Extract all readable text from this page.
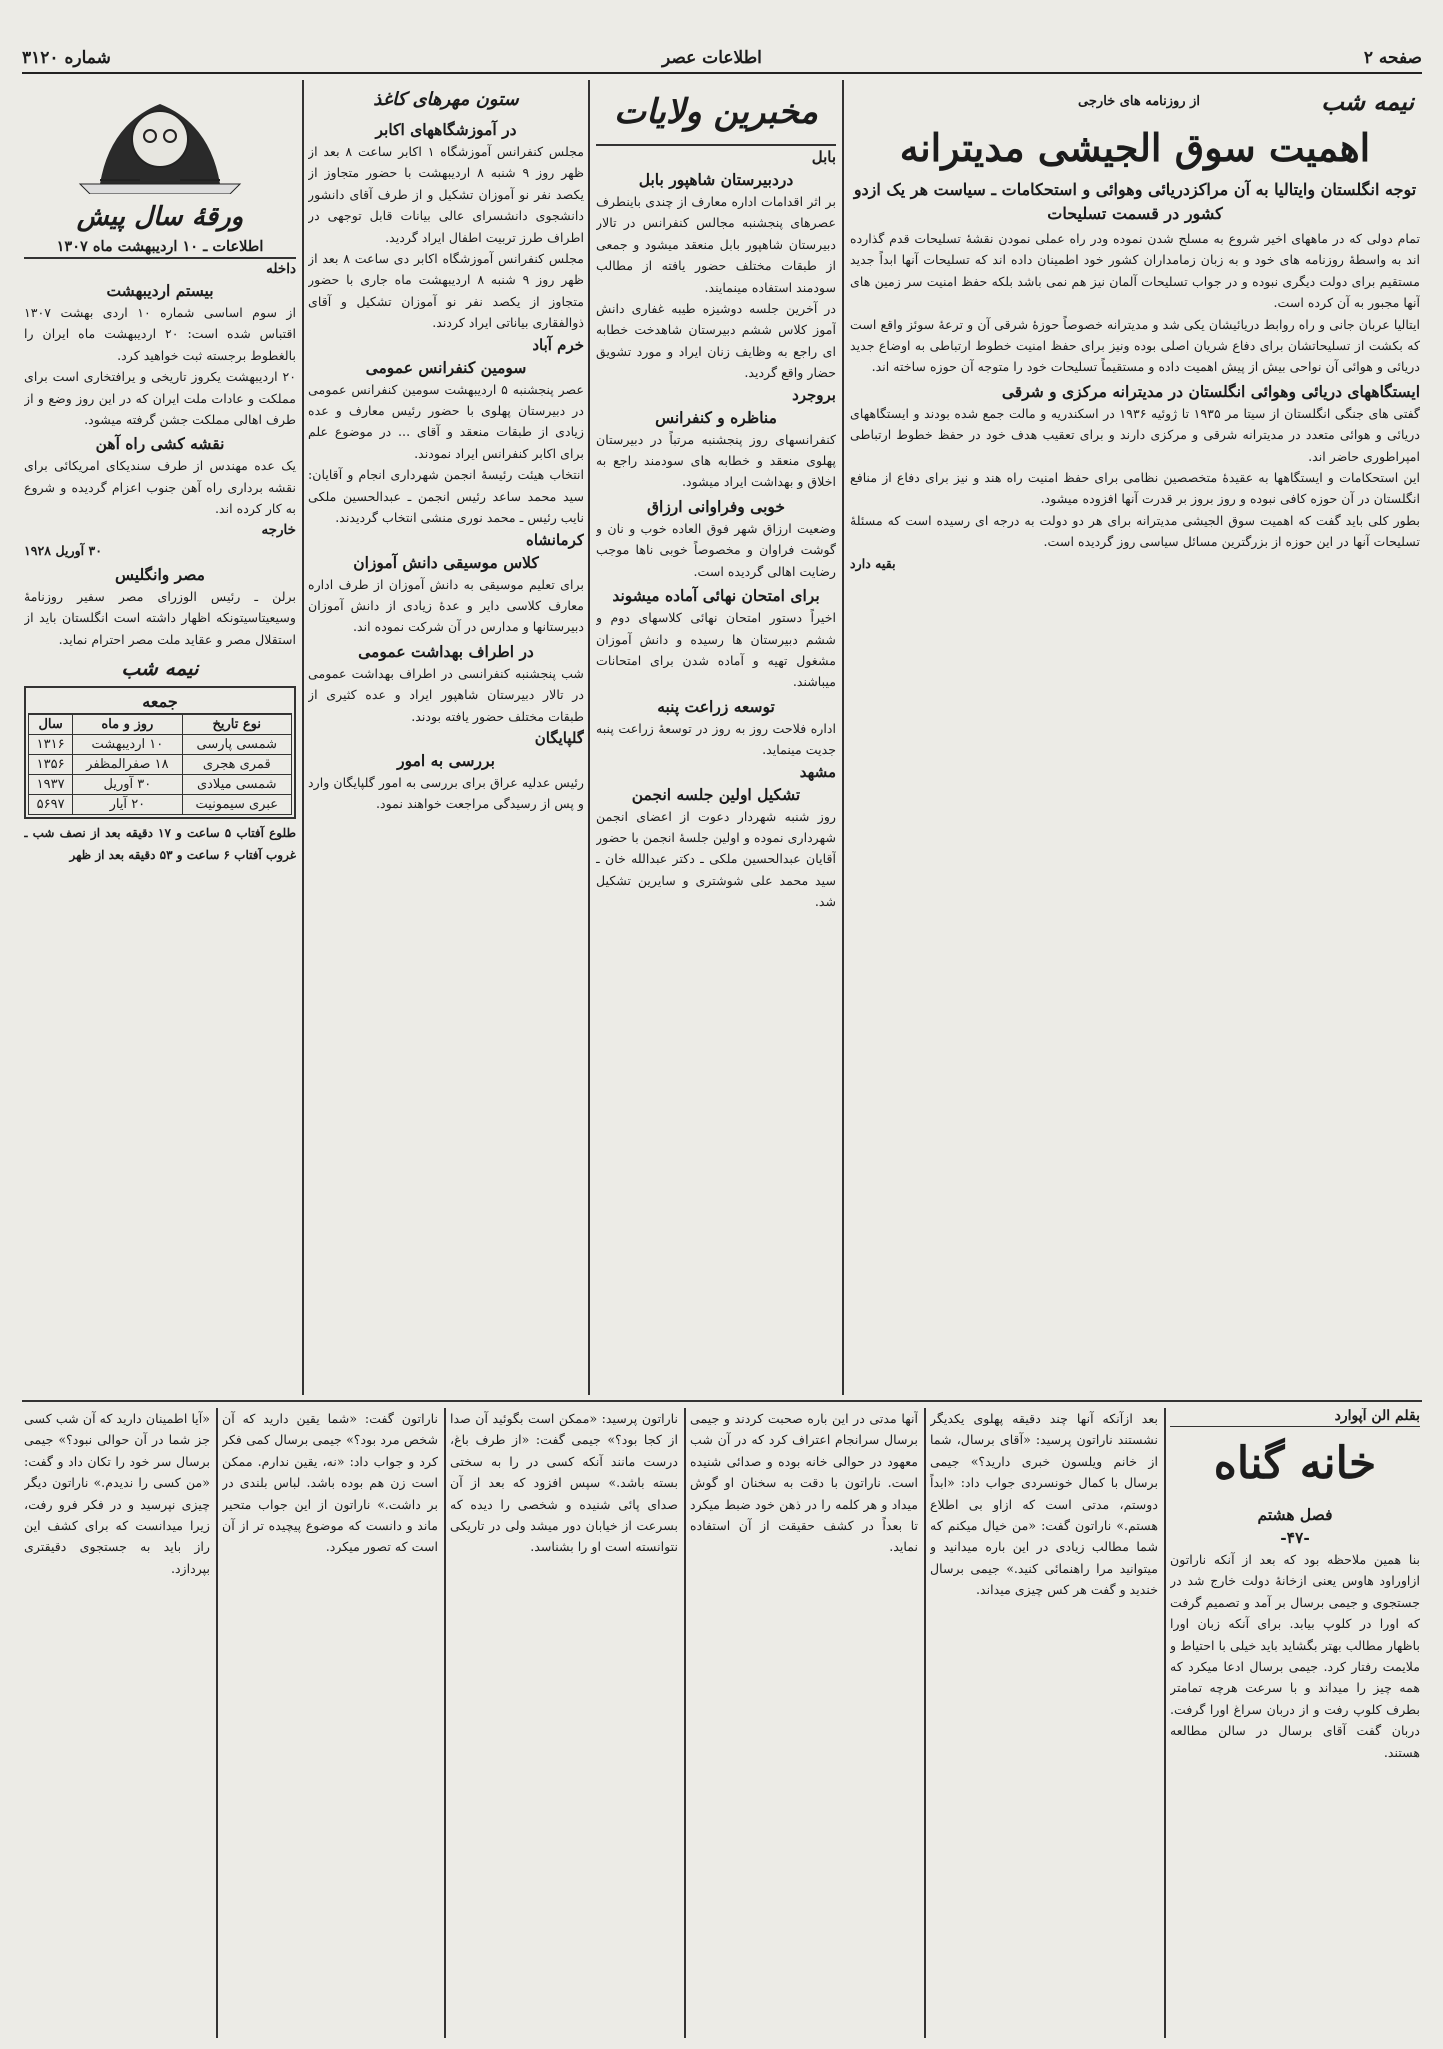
صفحه ۲
اطلاعات عصر
شماره ۳۱۲۰
نیمه شب
از روزنامه های خارجی
اهمیت سوق الجیشی مدیترانه

توجه انگلستان وایتالیا به آن مراکزدریائی وهوائی و استحکامات ـ سیاست هر یک ازدو کشور در قسمت تسلیحات

تمام دولی که در ماههای اخیر شروع به مسلح شدن نموده ودر راه عملی نمودن نقشهٔ تسلیحات قدم گذارده اند به واسطهٔ روزنامه های خود و به زبان زمامداران کشور خود اطمینان داده اند که تسلیحات آنها ابداً جدید مستقیم برای دولت دیگری نبوده و در جواب تسلیحات آلمان نیز هم نمی باشد بلکه حفظ امنیت سر زمین های آنها مجبور به آن کرده است.

ایتالیا عربان جانی و راه روابط دریائیشان یکی شد و مدیترانه خصوصاً حوزهٔ شرقی آن و ترعهٔ سوئز واقع است که بکشت از تسلیحاتشان برای دفاع شریان اصلی بوده ونیز برای حفظ امنیت خطوط ارتباطی به اوضاع جدید دریائی و هوائی آن نواحی بیش از پیش اهمیت داده و مستقیماً تسلیحات خود را متوجه آن حوزه ساخته اند.

ایستگاههای دریائی وهوائی انگلستان در مدیترانه مرکزی و شرقی

گفتی های جنگی انگلستان از سیتا مر ۱۹۳۵ تا ژوئیه ۱۹۳۶ در اسکندریه و مالت جمع شده بودند و ایستگاههای دریائی و هوائی متعدد در مدیترانه شرقی و مرکزی دارند و برای تعقیب هدف خود در حفظ خطوط ارتباطی امپراطوری حاضر اند.

این استحکامات و ایستگاهها به عقیدهٔ متخصصین نظامی برای حفظ امنیت راه هند و نیز برای دفاع از منافع انگلستان در آن حوزه کافی نبوده و روز بروز بر قدرت آنها افزوده میشود.

بطور کلی باید گفت که اهمیت سوق الجیشی مدیترانه برای هر دو دولت به درجه ای رسیده است که مسئلهٔ تسلیحات آنها در این حوزه از بزرگترین مسائل سیاسی روز گردیده است.

بقیه دارد

مخبرین ولایات

بابل

دردبیرستان شاهپور بابل

بر اثر اقدامات اداره معارف از چندی باینطرف عصرهای پنجشنبه مجالس کنفرانس در تالار دبیرستان شاهپور بابل منعقد میشود و جمعی از طبقات مختلف حضور یافته از مطالب سودمند استفاده مینمایند.

در آخرین جلسه دوشیزه طیبه غفاری دانش آموز کلاس ششم دبیرستان شاهدخت خطابه ای راجع به وظایف زنان ایراد و مورد تشویق حضار واقع گردید.

بروجرد

مناظره و کنفرانس

کنفرانسهای روز پنجشنبه مرتباً در دبیرستان پهلوی منعقد و خطابه های سودمند راجع به اخلاق و بهداشت ایراد میشود.

خوبی وفراوانی ارزاق

وضعیت ارزاق شهر فوق العاده خوب و نان و گوشت فراوان و مخصوصاً خوبی ناها موجب رضایت اهالی گردیده است.

برای امتحان نهائی آماده میشوند

اخیراً دستور امتحان نهائی کلاسهای دوم و ششم دبیرستان ها رسیده و دانش آموزان مشغول تهیه و آماده شدن برای امتحانات میباشند.

توسعه زراعت پنبه

اداره فلاحت روز به روز در توسعهٔ زراعت پنبه جدیت مینماید.

مشهد

تشکیل اولین جلسه انجمن

روز شنبه شهردار دعوت از اعضای انجمن شهرداری نموده و اولین جلسهٔ انجمن با حضور آقایان عبدالحسین ملکی ـ دکتر عبدالله خان ـ سید محمد علی شوشتری و سایرین تشکیل شد.

ستون مهرهای کاغذ

در آموزشگاههای اکابر

مجلس کنفرانس آموزشگاه ۱ اکابر ساعت ۸ بعد از ظهر روز ۹ شنبه ۸ اردیبهشت با حضور متجاوز از یکصد نفر نو آموزان تشکیل و از طرف آقای دانشور دانشجوی دانشسرای عالی بیانات قابل توجهی در اطراف طرز تربیت اطفال ایراد گردید.

مجلس کنفرانس آموزشگاه اکابر دی ساعت ۸ بعد از ظهر روز ۹ شنبه ۸ اردیبهشت ماه جاری با حضور متجاوز از یکصد نفر نو آموزان تشکیل و آقای ذوالفقاری بیاناتی ایراد کردند.

خرم آباد

سومین کنفرانس عمومی

عصر پنجشنبه ۵ اردیبهشت سومین کنفرانس عمومی در دبیرستان پهلوی با حضور رئیس معارف و عده زیادی از طبقات منعقد و آقای ... در موضوع علم برای اکابر کنفرانس ایراد نمودند.

انتخاب هیئت رئیسهٔ انجمن شهرداری انجام و آقایان: سید محمد ساعد رئیس انجمن ـ عبدالحسین ملکی نایب رئیس ـ محمد نوری منشی انتخاب گردیدند.

کرمانشاه

کلاس موسیقی دانش آموزان

برای تعلیم موسیقی به دانش آموزان از طرف اداره معارف کلاسی دایر و عدهٔ زیادی از دانش آموزان دبیرستانها و مدارس در آن شرکت نموده اند.

در اطراف بهداشت عمومی

شب پنجشنبه کنفرانسی در اطراف بهداشت عمومی در تالار دبیرستان شاهپور ایراد و عده کثیری از طبقات مختلف حضور یافته بودند.

گلپایگان

بررسی به امور

رئیس عدلیه عراق برای بررسی به امور گلپایگان وارد و پس از رسیدگی مراجعت خواهند نمود.

ورقهٔ سال پیش

اطلاعات ـ ۱۰ اردیبهشت ماه ۱۳۰۷

داخله

بیستم اردیبهشت

از سوم اساسی شماره ۱۰ اردی بهشت ۱۳۰۷ اقتباس شده است: ۲۰ اردیبهشت ماه ایران را بالغطوط برجسته ثبت خواهید کرد.

۲۰ اردیبهشت یکروز تاریخی و یرافتخاری است برای مملکت و عادات ملت ایران که در این روز وضع و از طرف اهالی مملکت جشن گرفته میشود.

نقشه کشی راه آهن

یک عده مهندس از طرف سندیکای امریکائی برای نقشه برداری راه آهن جنوب اعزام گردیده و شروع به کار کرده اند.

خارجه

۳۰ آوریل ۱۹۲۸

مصر وانگلیس

برلن ـ رئیس الوزرای مصر سفیر روزنامهٔ وسیعیتاسیتونکه اظهار داشته است انگلستان باید از استقلال مصر و عقاید ملت مصر احترام نماید.

نیمه شب
جمعه
نوع تاریخ	روز و ماه	سال
شمسی پارسی	۱۰ اردیبهشت	۱۳۱۶
قمری هجری	۱۸ صفرالمظفر	۱۳۵۶
شمسی میلادی	۳۰ آوریل	۱۹۳۷
عبری سیمونیت	۲۰ آیار	۵۶۹۷

طلوع آفتاب ۵ ساعت و ۱۷ دقیقه بعد از نصف شب ـ غروب آفتاب ۶ ساعت و ۵۳ دقیقه بعد از ظهر

بقلم الن آپوارد
خانه گناه

فصل هشتم

-۴۷-

بنا همین ملاحظه بود که بعد از آنکه ناراتون ازاوراود هاوس یعنی ازخانهٔ دولت خارج شد در جستجوی و جیمی برسال بر آمد و تصمیم گرفت که اورا در کلوپ بیابد. برای آنکه زبان اورا باظهار مطالب بهتر بگشاید باید خیلی با احتیاط و ملایمت رفتار کرد. جیمی برسال ادعا میکرد که همه چیز را میداند و با سرعت هرچه تمامتر بطرف کلوپ رفت و از دربان سراغ اورا گرفت. دربان گفت آقای برسال در سالن مطالعه هستند.

بعد ازآنکه آنها چند دقیقه پهلوی یکدیگر نشستند ناراتون پرسید: «آقای برسال، شما از خانم ویلسون خبری دارید؟» جیمی برسال با کمال خونسردی جواب داد: «ابداً دوستم، مدتی است که ازاو بی اطلاع هستم.» ناراتون گفت: «من خیال میکنم که شما مطالب زیادی در این باره میدانید و میتوانید مرا راهنمائی کنید.» جیمی برسال خندید و گفت هر کس چیزی میداند.

آنها مدتی در این باره صحبت کردند و جیمی برسال سرانجام اعتراف کرد که در آن شب معهود در حوالی خانه بوده و صدائی شنیده است. ناراتون با دقت به سخنان او گوش میداد و هر کلمه را در ذهن خود ضبط میکرد تا بعداً در کشف حقیقت از آن استفاده نماید.

ناراتون پرسید: «ممکن است بگوئید آن صدا از کجا بود؟» جیمی گفت: «از طرف باغ، درست مانند آنکه کسی در را به سختی بسته باشد.» سپس افزود که بعد از آن صدای پائی شنیده و شخصی را دیده که بسرعت از خیابان دور میشد ولی در تاریکی نتوانسته است او را بشناسد.

ناراتون گفت: «شما یقین دارید که آن شخص مرد بود؟» جیمی برسال کمی فکر کرد و جواب داد: «نه، یقین ندارم. ممکن است زن هم بوده باشد. لباس بلندی در بر داشت.» ناراتون از این جواب متحیر ماند و دانست که موضوع پیچیده تر از آن است که تصور میکرد.

«آیا اطمینان دارید که آن شب کسی جز شما در آن حوالی نبود؟» جیمی برسال سر خود را تکان داد و گفت: «من کسی را ندیدم.» ناراتون دیگر چیزی نپرسید و در فکر فرو رفت، زیرا میدانست که برای کشف این راز باید به جستجوی دقیقتری بپردازد.
